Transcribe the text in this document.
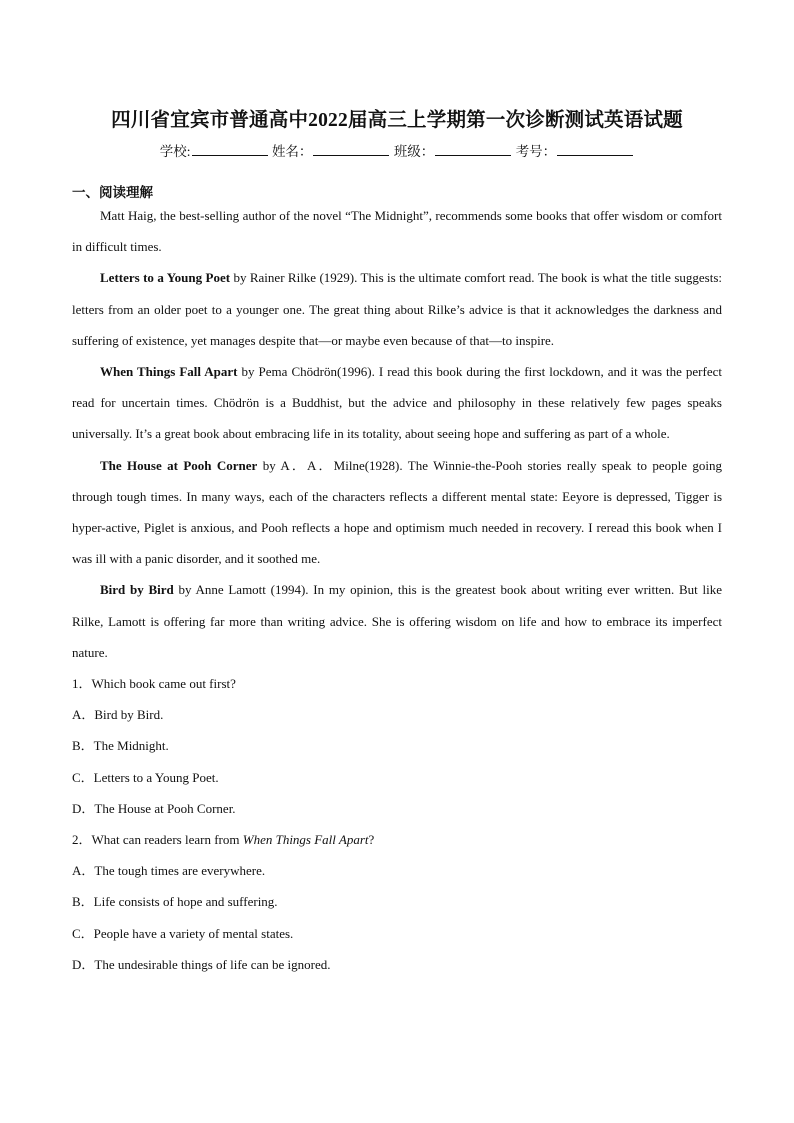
四川省宜宾市普通高中2022届高三上学期第一次诊断测试英语试题
学校:	姓名：	班级：	考号：
一、阅读理解

Matt Haig, the best-selling author of the novel “The Midnight”, recommends some books that offer wisdom or comfort in difficult times.

Letters to a Young Poet by Rainer Rilke (1929). This is the ultimate comfort read. The book is what the title suggests: letters from an older poet to a younger one. The great thing about Rilke’s advice is that it acknowledges the darkness and suffering of existence, yet manages despite that—or maybe even because of that—to inspire.

When Things Fall Apart by Pema Chödrön(1996). I read this book during the first lockdown, and it was the perfect read for uncertain times. Chödrön is a Buddhist, but the advice and philosophy in these relatively few pages speaks universally. It’s a great book about embracing life in its totality, about seeing hope and suffering as part of a whole.

The House at Pooh Corner by A．A．Milne(1928). The Winnie-the-Pooh stories really speak to people going through tough times. In many ways, each of the characters reflects a different mental state: Eeyore is depressed, Tigger is hyper-active, Piglet is anxious, and Pooh reflects a hope and optimism much needed in recovery. I reread this book when I was ill with a panic disorder, and it soothed me.

Bird by Bird by Anne Lamott (1994). In my opinion, this is the greatest book about writing ever written. But like Rilke, Lamott is offering far more than writing advice. She is offering wisdom on life and how to embrace its imperfect nature.

1．Which book came out first?

A．Bird by Bird.

B．The Midnight.

C．Letters to a Young Poet.

D．The House at Pooh Corner.

2．What can readers learn from When Things Fall Apart?

A．The tough times are everywhere.

B．Life consists of hope and suffering.

C．People have a variety of mental states.

D．The undesirable things of life can be ignored.
